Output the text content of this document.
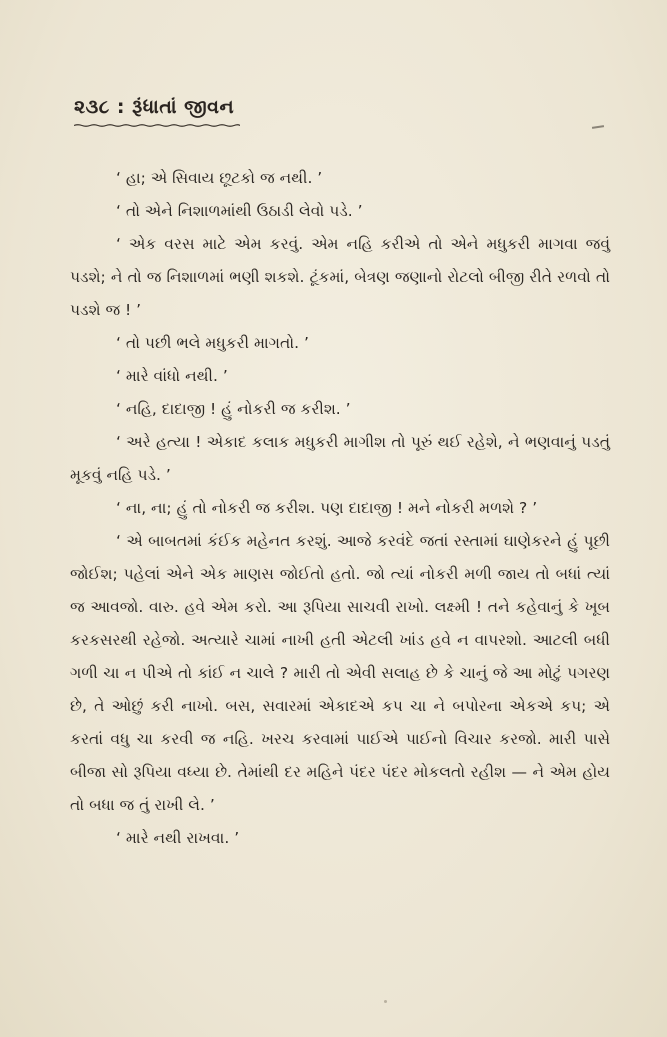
૨૩૮ : રૂંધાતાં જીવન

‘ હા; એ સિવાય છૂટકો જ નથી. ’

‘ તો એને નિશાળમાંથી ઉઠાડી લેવો પડે. ’

‘ એક વરસ માટે એમ કરવું. એમ નહિ કરીએ તો એને મધુકરી માગવા જવું પડશે; ને તો જ નિશાળમાં ભણી શકશે. ટૂંકમાં, બેત્રણ જણાનો રોટલો બીજી રીતે રળવો તો પડશે જ ! ’

‘ તો પછી ભલે મધુકરી માગતો. ’

‘ મારે વાંધો નથી. ’

‘ નહિ, દાદાજી ! હું નોકરી જ કરીશ. ’

‘ અરે હત્યા ! એકાદ કલાક મધુકરી માગીશ તો પૂરું થઈ રહેશે, ને ભણવાનું પડતું મૂકવું નહિ પડે. ’

‘ ના, ના; હું તો નોકરી જ કરીશ. પણ દાદાજી ! મને નોકરી મળશે ? ’

‘ એ બાબતમાં કંઈક મહેનત કરશું. આજે કરવંદે જતાં રસ્તામાં ઘાણેકરને હું પૂછી જોઈશ; પહેલાં એને એક માણસ જોઈતો હતો. જો ત્યાં નોકરી મળી જાય તો બધાં ત્યાં જ આવજો. વારુ. હવે એમ કરો. આ રૂપિયા સાચવી રાખો. લક્ષ્મી ! તને કહેવાનું કે ખૂબ કરકસરથી રહેજો. અત્યારે ચામાં નાખી હતી એટલી ખાંડ હવે ન વાપરશો. આટલી બધી ગળી ચા ન પીએ તો કાંઈ ન ચાલે ? મારી તો એવી સલાહ છે કે ચાનું જે આ મોટું પગરણ છે, તે ઓછું કરી નાખો. બસ, સવારમાં એકાદએ કપ ચા ને બપોરના એકએ કપ; એ કરતાં વધુ ચા કરવી જ નહિ. ખરચ કરવામાં પાઈએ પાઈનો વિચાર કરજો. મારી પાસે બીજા સો રૂપિયા વધ્યા છે. તેમાંથી દર મહિને પંદર પંદર મોકલતો રહીશ — ને એમ હોય તો બધા જ તું રાખી લે. ’

‘ મારે નથી રાખવા. ’
